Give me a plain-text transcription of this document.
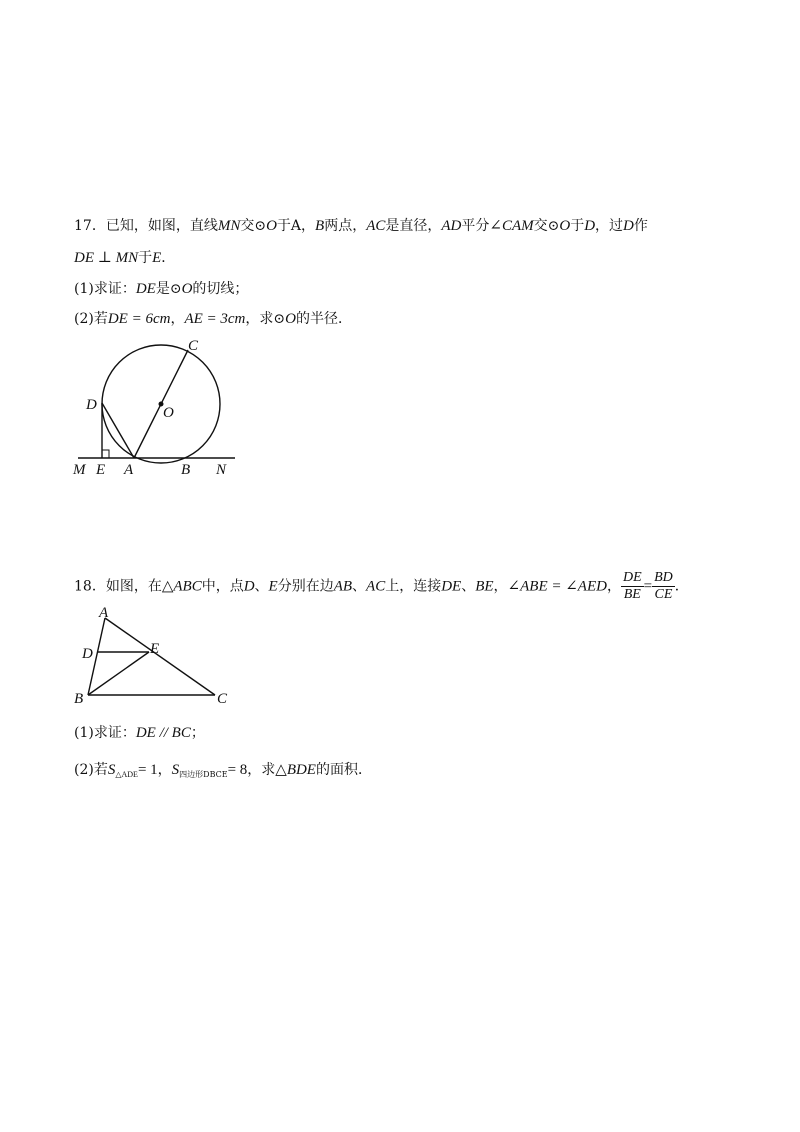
17．已知，如图，直线MN交⊙O于A，B两点，AC是直径，AD平分∠CAM交⊙O于D，过D作
DE ⊥ MN于E．
(1)求证：DE是⊙O的切线；
(2)若DE = 6cm，AE = 3cm，求⊙O的半径．
C
D	O
M E A	B N
18．如图，在△ABC中，点D、E分别在边AB、AC上，连接DE、BE，∠ABE = ∠AED， $\frac{DE}{BE} = \frac{BD}{CE}$ ．
A
D	E
B	C
(1)求证：DE // BC；
(2)若$S_{\triangle ADE}= 1$，$S_{四边形DBCE}= 8$，求△BDE的面积．
